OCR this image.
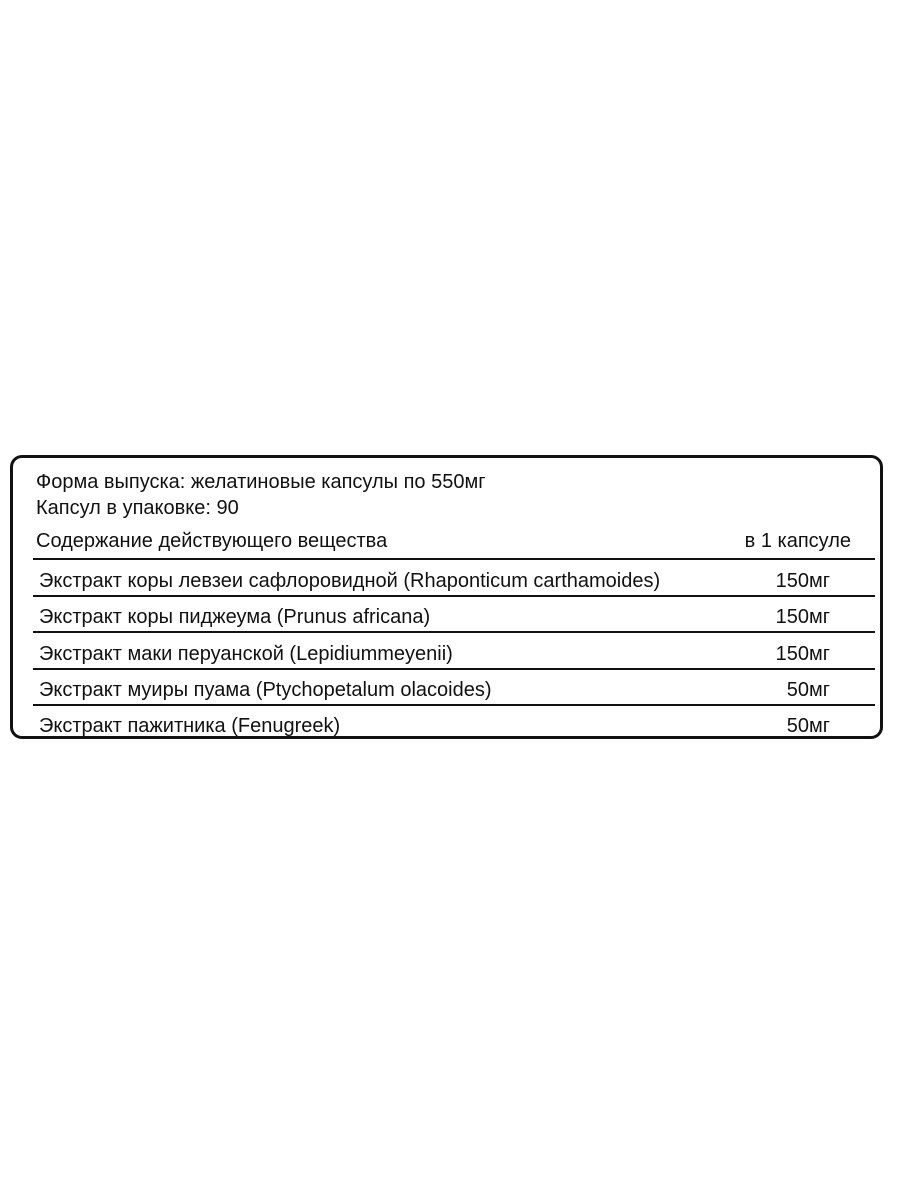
Форма выпуска: желатиновые капсулы по 550мг
Капсул в упаковке: 90
Содержание действующего вещества	в 1 капсуле
Экстракт коры левзеи сафлоровидной (Rhaponticum carthamoides)	150мг
Экстракт коры пиджеума (Prunus africana)	150мг
Экстракт маки перуанской (Lepidiummeyenii)	150мг
Экстракт муиры пуама (Ptychopetalum olacoides)	50мг
Экстракт пажитника (Fenugreek)	50мг
